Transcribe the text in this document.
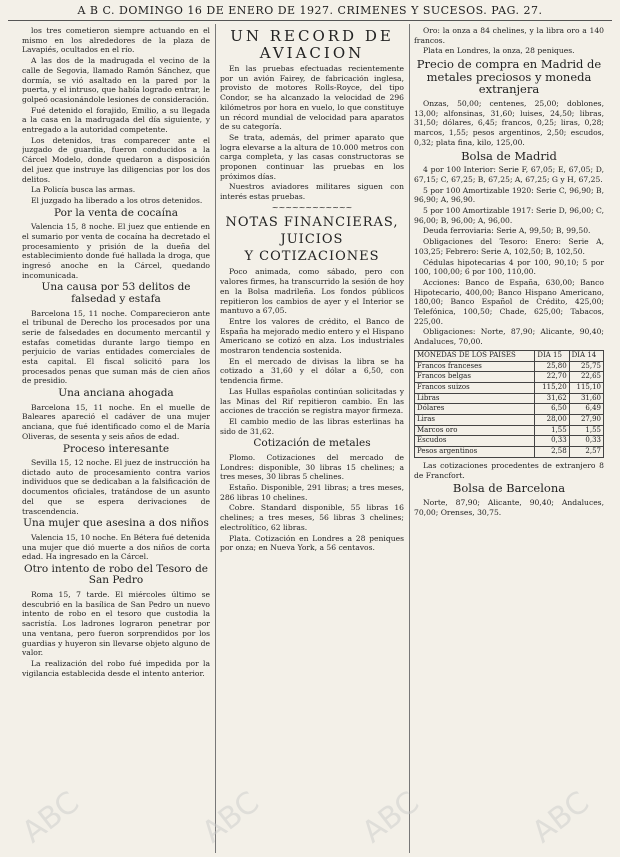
A B C. DOMINGO 16 DE ENERO DE 1927. CRIMENES Y SUCESOS. PAG. 27.

los tres cometieron siempre actuando en el mismo en los alrededores de la plaza de Lavapiés, ocultados en el río.

A las dos de la madrugada el vecino de la calle de Segovia, llamado Ramón Sánchez, que dormía, se vió asaltado en la pared por la puerta, y el intruso, que había logrado entrar, le golpeó ocasionándole lesiones de consideración.

Fué detenido el forajido, Emilio, a su llegada a la casa en la madrugada del día siguiente, y entregado a la autoridad competente.

Los detenidos, tras comparecer ante el juzgado de guardia, fueron conducidos a la Cárcel Modelo, donde quedaron a disposición del juez que instruye las diligencias por los dos delitos.

La Policía busca las armas.

El juzgado ha liberado a los otros detenidos.

Por la venta de cocaína

Valencia 15, 8 noche. El juez que entiende en el sumario por venta de cocaína ha decretado el procesamiento y prisión de la dueña del establecimiento donde fué hallada la droga, que ingresó anoche en la Cárcel, quedando incomunicada.

Una causa por 53 delitos de falsedad y estafa

Barcelona 15, 11 noche. Comparecieron ante el tribunal de Derecho los procesados por una serie de falsedades en documento mercantil y estafas cometidas durante largo tiempo en perjuicio de varias entidades comerciales de esta capital. El fiscal solicitó para los procesados penas que suman más de cien años de presidio.

Una anciana ahogada

Barcelona 15, 11 noche. En el muelle de Baleares apareció el cadáver de una mujer anciana, que fué identificado como el de María Oliveras, de sesenta y seis años de edad.

Proceso interesante

Sevilla 15, 12 noche. El juez de instrucción ha dictado auto de procesamiento contra varios individuos que se dedicaban a la falsificación de documentos oficiales, tratándose de un asunto del que se espera derivaciones de trascendencia.

Una mujer que asesina a dos niños

Valencia 15, 10 noche. En Bétera fué detenida una mujer que dió muerte a dos niños de corta edad. Ha ingresado en la Cárcel.

Otro intento de robo del Tesoro de San Pedro

Roma 15, 7 tarde. El miércoles último se descubrió en la basílica de San Pedro un nuevo intento de robo en el tesoro que custodia la sacristía. Los ladrones lograron penetrar por una ventana, pero fueron sorprendidos por los guardias y huyeron sin llevarse objeto alguno de valor.

La realización del robo fué impedida por la vigilancia establecida desde el intento anterior.

UN RECORD DE AVIACION

En las pruebas efectuadas recientemente por un avión Fairey, de fabricación inglesa, provisto de motores Rolls-Royce, del tipo Condor, se ha alcanzado la velocidad de 296 kilómetros por hora en vuelo, lo que constituye un récord mundial de velocidad para aparatos de su categoría.

Se trata, además, del primer aparato que logra elevarse a la altura de 10.000 metros con carga completa, y las casas constructoras se proponen continuar las pruebas en los próximos días.

Nuestros aviadores militares siguen con interés estas pruebas.

~~~~~~~~~~~~
NOTAS FINANCIERAS,
JUICIOS
Y COTIZACIONES

Poco animada, como sábado, pero con valores firmes, ha transcurrido la sesión de hoy en la Bolsa madrileña. Los fondos públicos repitieron los cambios de ayer y el Interior se mantuvo a 67,05.

Entre los valores de crédito, el Banco de España ha mejorado medio entero y el Hispano Americano se cotizó en alza. Los industriales mostraron tendencia sostenida.

En el mercado de divisas la libra se ha cotizado a 31,60 y el dólar a 6,50, con tendencia firme.

Las Hullas españolas continúan solicitadas y las Minas del Rif repitieron cambio. En las acciones de tracción se registra mayor firmeza.

El cambio medio de las libras esterlinas ha sido de 31,62.

Cotización de metales

Plomo. Cotizaciones del mercado de Londres: disponible, 30 libras 15 chelines; a tres meses, 30 libras 5 chelines.

Estaño. Disponible, 291 libras; a tres meses, 286 libras 10 chelines.

Cobre. Standard disponible, 55 libras 16 chelines; a tres meses, 56 libras 3 chelines; electrolítico, 62 libras.

Plata. Cotización en Londres a 28 peniques por onza; en Nueva York, a 56 centavos.

Oro: la onza a 84 chelines, y la libra oro a 140 francos.

Plata en Londres, la onza, 28 peniques.

Precio de compra en Madrid de metales preciosos y moneda extranjera

Onzas, 50,00; centenes, 25,00; doblones, 13,00; alfonsinas, 31,60; luises, 24,50; libras, 31,50; dólares, 6,45; francos, 0,25; liras, 0,28; marcos, 1,55; pesos argentinos, 2,50; escudos, 0,32; plata fina, kilo, 125,00.

Bolsa de Madrid

4 por 100 Interior: Serie F, 67,05; E, 67,05; D, 67,15; C, 67,25; B, 67,25; A, 67,25; G y H, 67,25.

5 por 100 Amortizable 1920: Serie C, 96,90; B, 96,90; A, 96,90.

5 por 100 Amortizable 1917: Serie D, 96,00; C, 96,00; B, 96,00; A, 96,00.

Deuda ferroviaria: Serie A, 99,50; B, 99,50.

Obligaciones del Tesoro: Enero: Serie A, 103,25; Febrero: Serie A, 102,50; B, 102,50.

Cédulas hipotecarias 4 por 100, 90,10; 5 por 100, 100,00; 6 por 100, 110,00.

Acciones: Banco de España, 630,00; Banco Hipotecario, 400,00; Banco Hispano Americano, 180,00; Banco Español de Crédito, 425,00; Telefónica, 100,50; Chade, 625,00; Tabacos, 225,00.

Obligaciones: Norte, 87,90; Alicante, 90,40; Andaluces, 70,00.

MONEDAS DE LOS PAISES	DIA 15	DIA 14
Francos franceses	25,80	25,75
Francos belgas	22,70	22,65
Francos suizos	115,20	115,10
Libras	31,62	31,60
Dólares	6,50	6,49
Liras	28,00	27,90
Marcos oro	1,55	1,55
Escudos	0,33	0,33
Pesos argentinos	2,58	2,57

Las cotizaciones procedentes de extranjero 8 de Francfort.

Bolsa de Barcelona

Norte, 87,90; Alicante, 90,40; Andaluces, 70,00; Orenses, 30,75.

ABC	ABC	ABC	ABC
